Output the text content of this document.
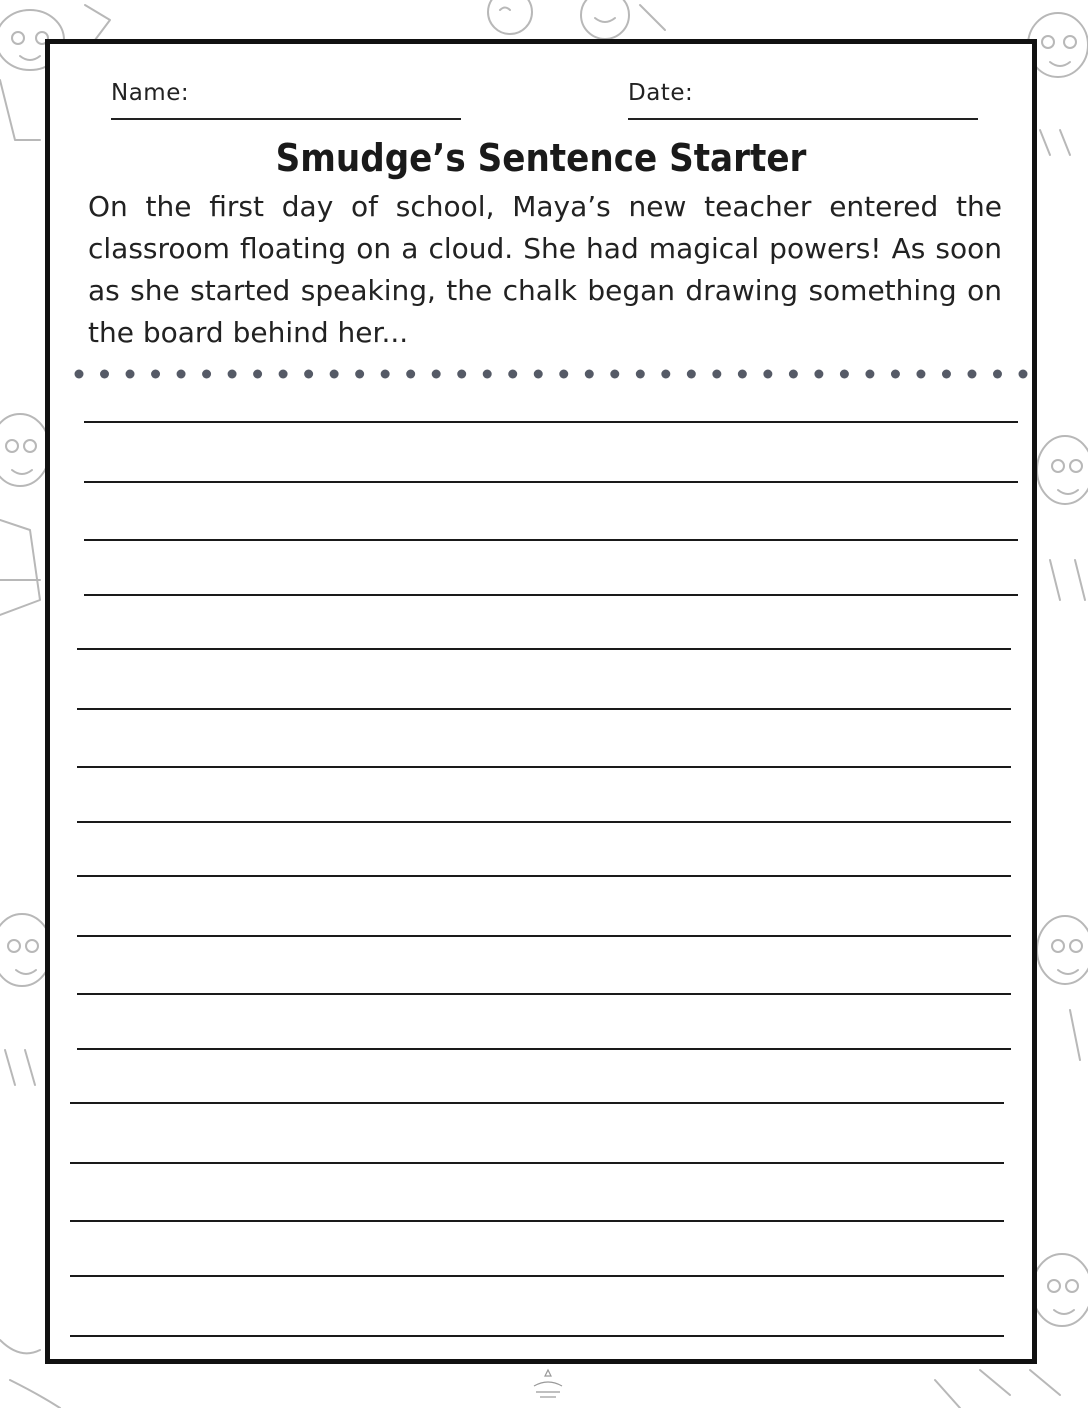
Name:	Date:
Smudge’s Sentence Starter

On the first day of school, Maya’s new teacher entered the classroom floating on a cloud. She had magical powers! As soon as she started speaking, the chalk began drawing something on the board behind her...
